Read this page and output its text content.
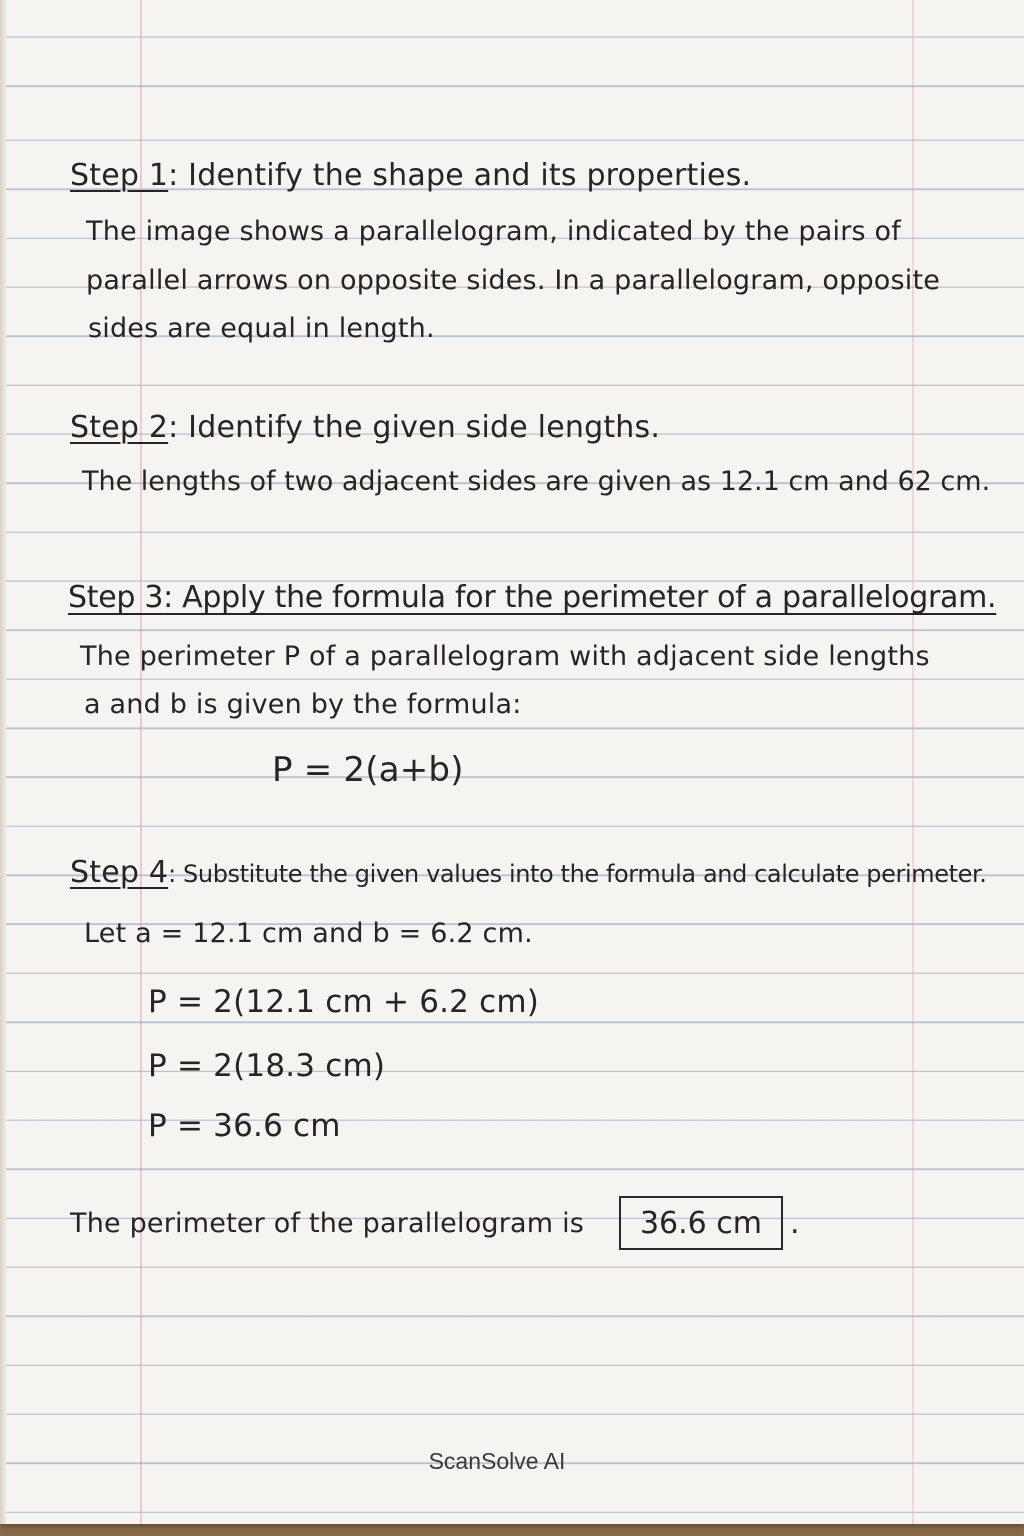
Step 1: Identify the shape and its properties.
The image shows a parallelogram, indicated by the pairs of
parallel arrows on opposite sides. In a parallelogram, opposite
sides are equal in length.
Step 2: Identify the given side lengths.
The lengths of two adjacent sides are given as 12.1 cm and 62 cm.
Step 3: Apply the formula for the perimeter of a parallelogram.
The perimeter P of a parallelogram with adjacent side lengths
a and b is given by the formula:
P = 2(a+b)
Step 4: Substitute the given values into the formula and calculate perimeter.
Let a = 12.1 cm and b = 6.2 cm.
P = 2(12.1 cm + 6.2 cm)
P = 2(18.3 cm)
P = 36.6 cm
The perimeter of the parallelogram is 36.6 cm .
ScanSolve AI
